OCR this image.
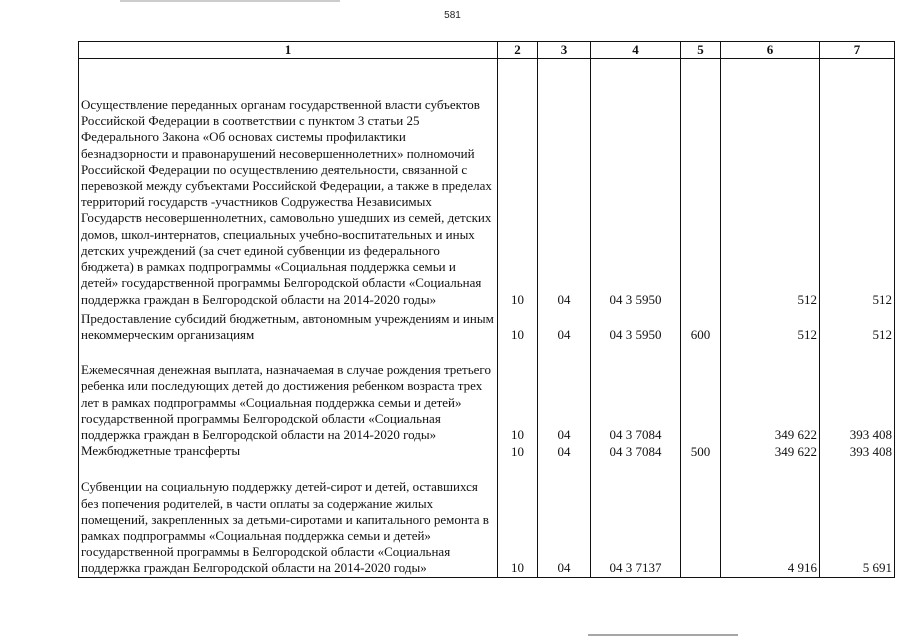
581
1	2	3	4	5	6	7
Осуществление переданных органам государственной власти субъектов Российской Федерации в соответствии с пунктом 3 статьи 25 Федерального Закона «Об основах системы профилактики безнадзорности и правонарушений несовершеннолетних» полномочий Российской Федерации по осуществлению деятельности, связанной с перевозкой между субъектами Российской Федерации, а также в пределах территорий государств -участников Содружества Независимых Государств несовершеннолетних, самовольно ушедших из семей, детских домов, школ-интернатов, специальных учебно-воспитательных и иных детских учреждений (за счет единой субвенции из федерального бюджета) в рамках подпрограммы «Социальная поддержка семьи и детей» государственной программы Белгородской области «Социальная поддержка граждан в Белгородской области на 2014-2020 годы»	10	04	04 3 5950		512	512
Предоставление субсидий бюджетным, автономным учреждениям и иным некоммерческим организациям	10	04	04 3 5950	600	512	512
Ежемесячная денежная выплата, назначаемая в случае рождения третьего ребенка или последующих детей до достижения ребенком возраста трех лет в рамках подпрограммы «Социальная поддержка семьи и детей» государственной программы Белгородской области «Социальная поддержка граждан в Белгородской области на 2014-2020 годы»	10	04	04 3 7084		349 622	393 408
Межбюджетные трансферты	10	04	04 3 7084	500	349 622	393 408
Субвенции на социальную поддержку детей-сирот и детей, оставшихся без попечения родителей, в части оплаты за содержание жилых помещений, закрепленных за детьми-сиротами и капитального ремонта в рамках подпрограммы «Социальная поддержка семьи и детей» государственной программы в Белгородской области «Социальная поддержка граждан Белгородской области на 2014-2020 годы»	10	04	04 3 7137		4 916	5 691
